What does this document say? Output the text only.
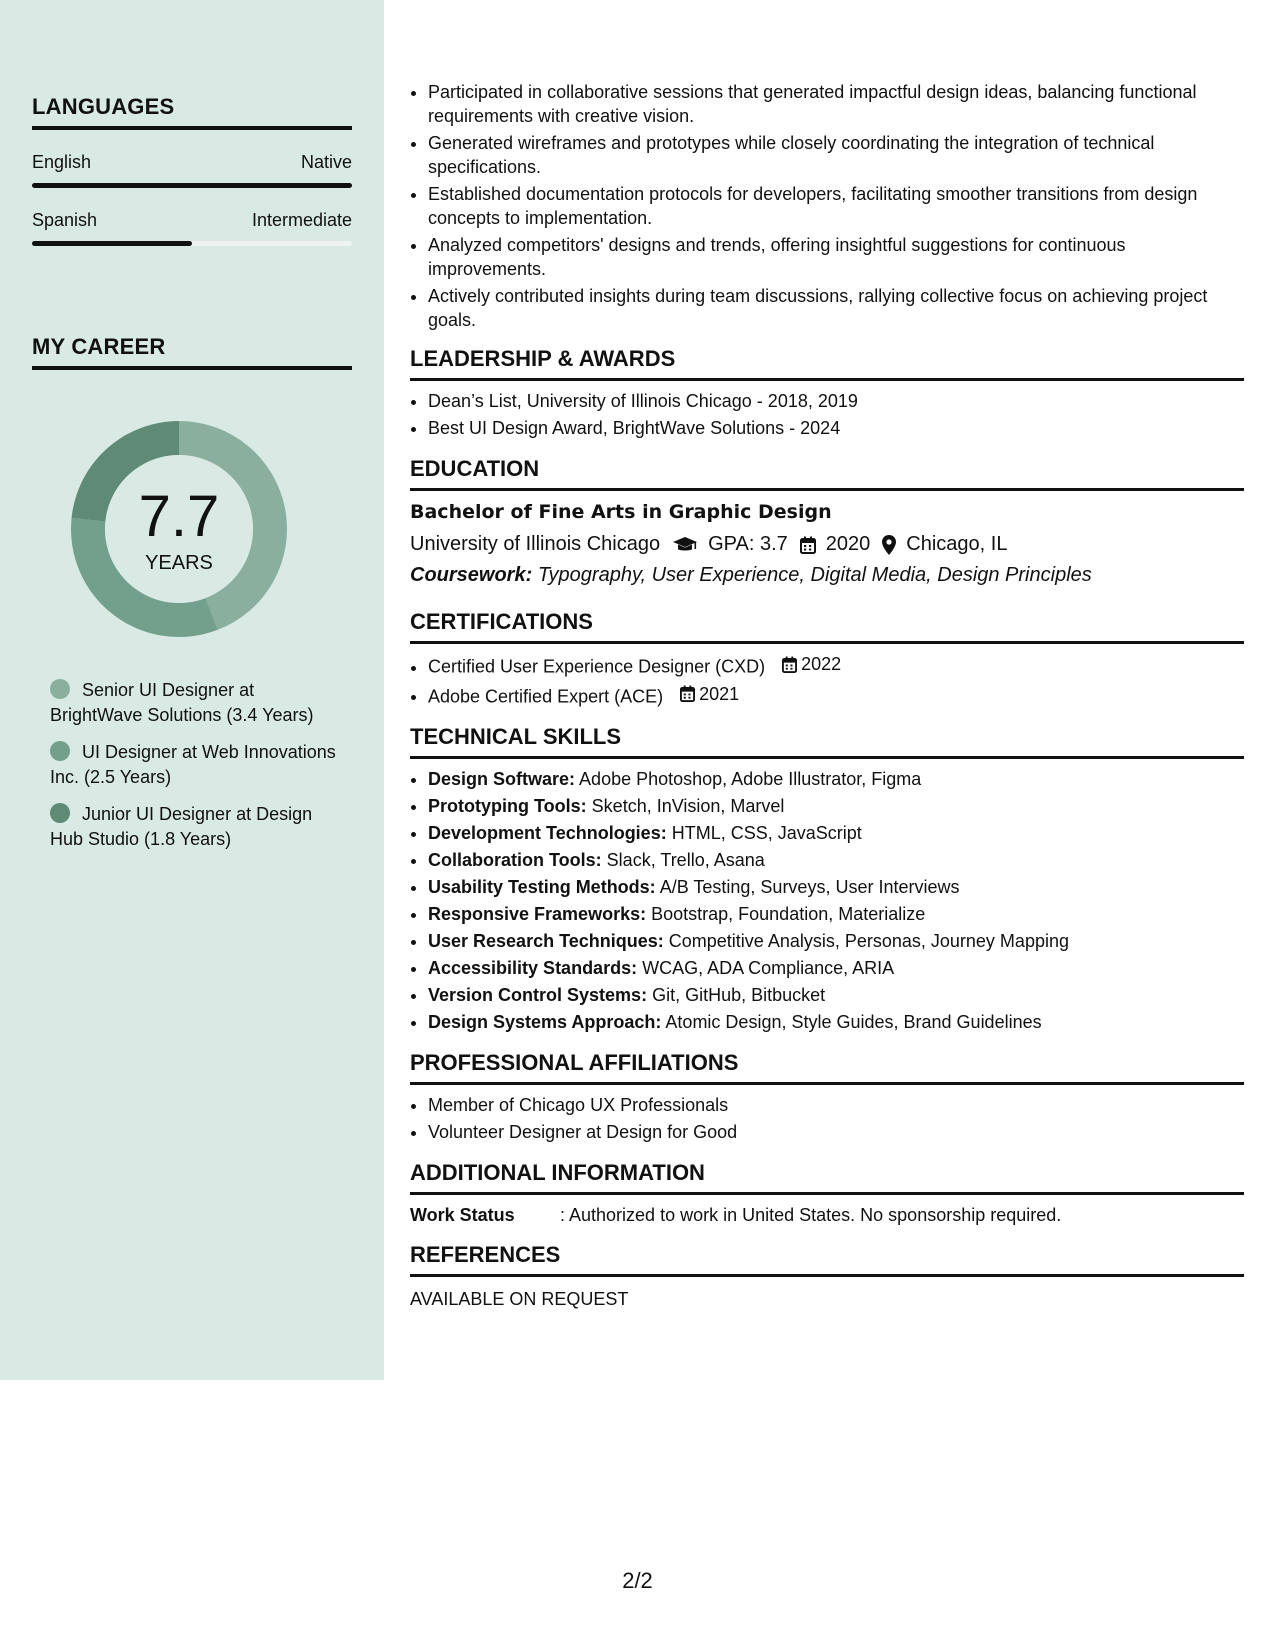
LANGUAGES
English	Native
Spanish	Intermediate
MY CAREER
7.7
YEARS
Senior UI Designer at BrightWave Solutions (3.4 Years)
UI Designer at Web Innovations Inc. (2.5 Years)
Junior UI Designer at Design Hub Studio (1.8 Years)
• Participated in collaborative sessions that generated impactful design ideas, balancing functional requirements with creative vision.
• Generated wireframes and prototypes while closely coordinating the integration of technical specifications.
• Established documentation protocols for developers, facilitating smoother transitions from design concepts to implementation.
• Analyzed competitors' designs and trends, offering insightful suggestions for continuous improvements.
• Actively contributed insights during team discussions, rallying collective focus on achieving project goals.
LEADERSHIP & AWARDS
• Dean’s List, University of Illinois Chicago - 2018, 2019
• Best UI Design Award, BrightWave Solutions - 2024
EDUCATION
Bachelor of Fine Arts in Graphic Design
University of Illinois Chicago GPA: 3.7 2020 Chicago, IL
Coursework: Typography, User Experience, Digital Media, Design Principles
CERTIFICATIONS
• Certified User Experience Designer (CXD) 2022
• Adobe Certified Expert (ACE) 2021
TECHNICAL SKILLS
• Design Software: Adobe Photoshop, Adobe Illustrator, Figma
• Prototyping Tools: Sketch, InVision, Marvel
• Development Technologies: HTML, CSS, JavaScript
• Collaboration Tools: Slack, Trello, Asana
• Usability Testing Methods: A/B Testing, Surveys, User Interviews
• Responsive Frameworks: Bootstrap, Foundation, Materialize
• User Research Techniques: Competitive Analysis, Personas, Journey Mapping
• Accessibility Standards: WCAG, ADA Compliance, ARIA
• Version Control Systems: Git, GitHub, Bitbucket
• Design Systems Approach: Atomic Design, Style Guides, Brand Guidelines
PROFESSIONAL AFFILIATIONS
• Member of Chicago UX Professionals
• Volunteer Designer at Design for Good
ADDITIONAL INFORMATION
Work Status	: Authorized to work in United States. No sponsorship required.
REFERENCES
AVAILABLE ON REQUEST
2/2
